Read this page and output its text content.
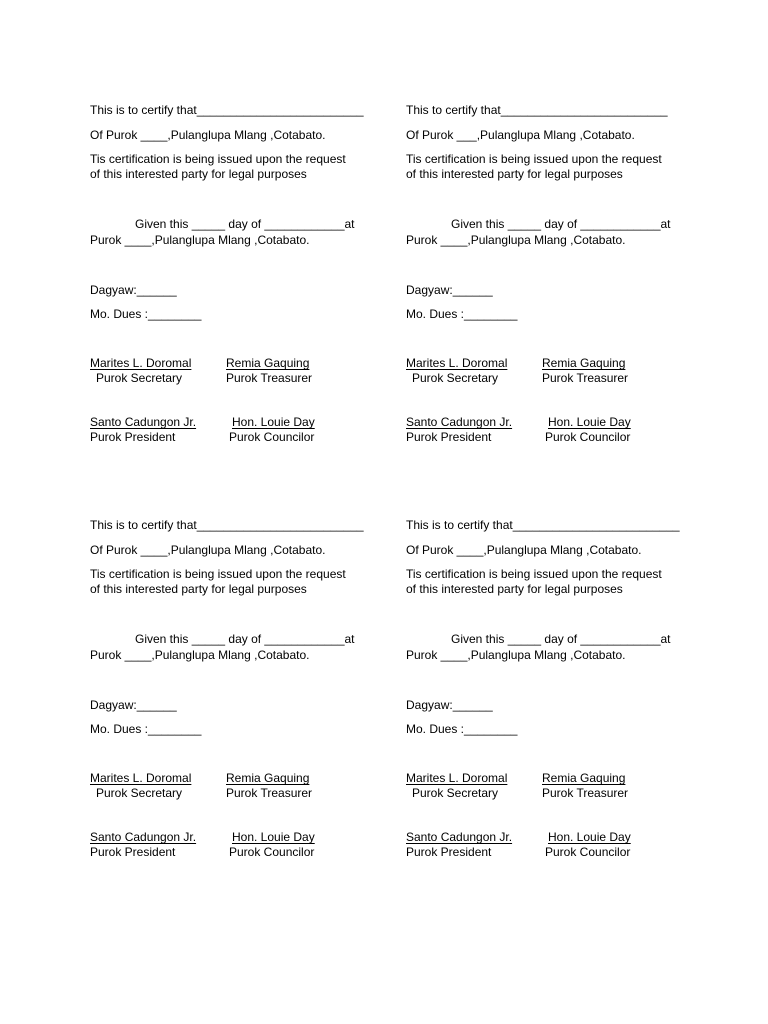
This is to certify that_________________________
Of Purok ____,Pulanglupa Mlang ,Cotabato.
Tis certification is being issued upon the request
of this interested party for legal purposes
Given this _____ day of ____________at
Purok ____,Pulanglupa Mlang ,Cotabato.
Dagyaw:______
Mo. Dues :________
Marites L. Doromal	Remia Gaquing
Purok Secretary	Purok Treasurer
Santo Cadungon Jr.	Hon. Louie Day
Purok President	Purok Councilor
This to certify that_________________________
Of Purok ___,Pulanglupa Mlang ,Cotabato.
Tis certification is being issued upon the request
of this interested party for legal purposes
Given this _____ day of ____________at
Purok ____,Pulanglupa Mlang ,Cotabato.
Dagyaw:______
Mo. Dues :________
Marites L. Doromal	Remia Gaquing
Purok Secretary	Purok Treasurer
Santo Cadungon Jr.	Hon. Louie Day
Purok President	Purok Councilor
This is to certify that_________________________
Of Purok ____,Pulanglupa Mlang ,Cotabato.
Tis certification is being issued upon the request
of this interested party for legal purposes
Given this _____ day of ____________at
Purok ____,Pulanglupa Mlang ,Cotabato.
Dagyaw:______
Mo. Dues :________
Marites L. Doromal	Remia Gaquing
Purok Secretary	Purok Treasurer
Santo Cadungon Jr.	Hon. Louie Day
Purok President	Purok Councilor
This is to certify that_________________________
Of Purok ____,Pulanglupa Mlang ,Cotabato.
Tis certification is being issued upon the request
of this interested party for legal purposes
Given this _____ day of ____________at
Purok ____,Pulanglupa Mlang ,Cotabato.
Dagyaw:______
Mo. Dues :________
Marites L. Doromal	Remia Gaquing
Purok Secretary	Purok Treasurer
Santo Cadungon Jr.	Hon. Louie Day
Purok President	Purok Councilor
